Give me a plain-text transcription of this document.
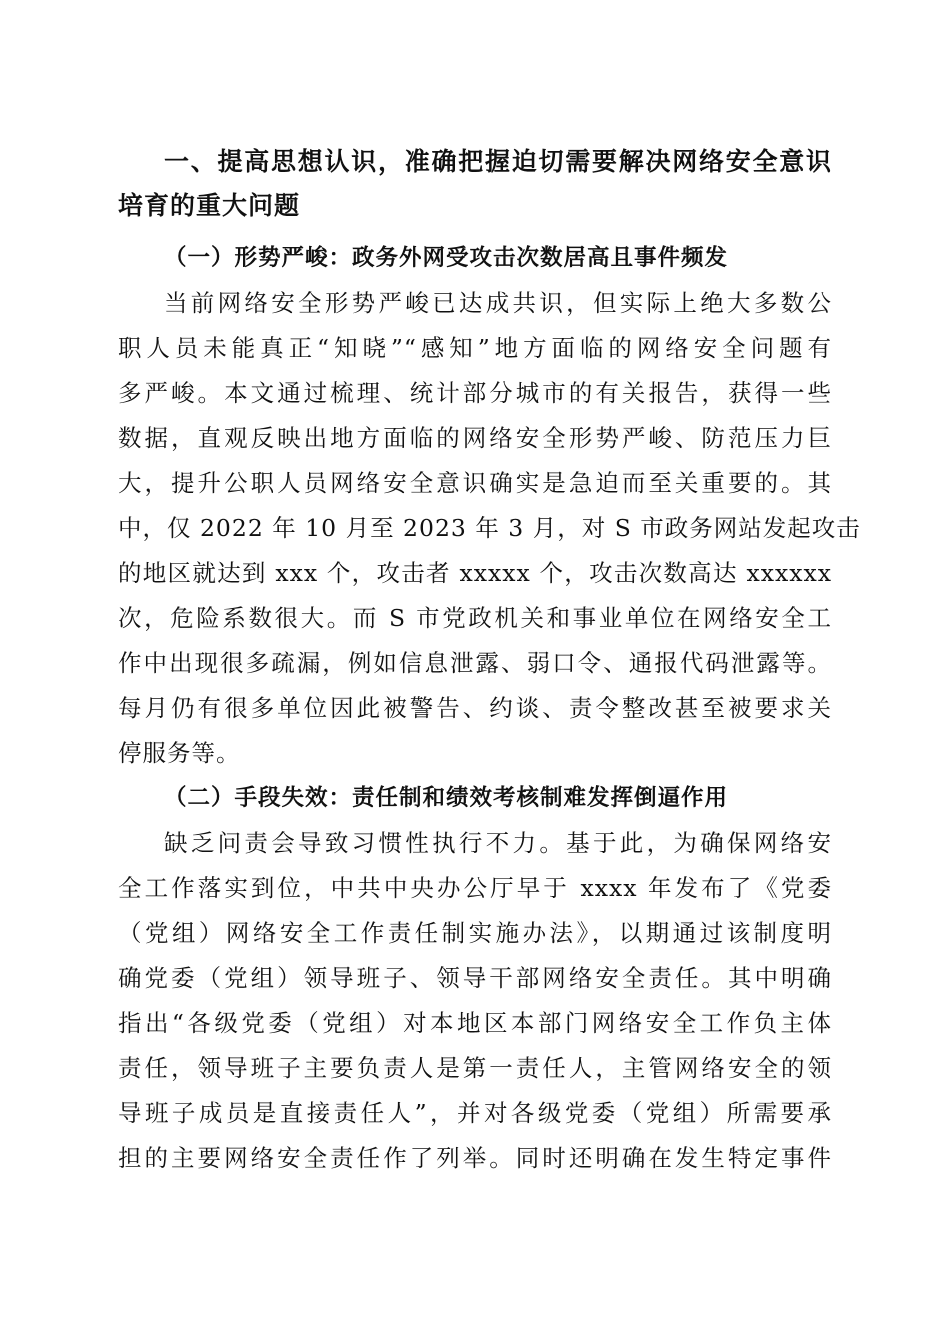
一、提高思想认识，准确把握迫切需要解决网络安全意识
培育的重大问题
（一）形势严峻：政务外网受攻击次数居高且事件频发
当前网络安全形势严峻已达成共识，但实际上绝大多数公
职人员未能真正“知晓”“感知”地方面临的网络安全问题有
多严峻。本文通过梳理、统计部分城市的有关报告，获得一些
数据，直观反映出地方面临的网络安全形势严峻、防范压力巨
大，提升公职人员网络安全意识确实是急迫而至关重要的。其
中，仅 2022 年 10 月至 2023 年 3 月，对 S 市政务网站发起攻击
的地区就达到 xxx 个，攻击者 xxxxx 个，攻击次数高达 xxxxxx
次，危险系数很大。而 S 市党政机关和事业单位在网络安全工
作中出现很多疏漏，例如信息泄露、弱口令、通报代码泄露等。
每月仍有很多单位因此被警告、约谈、责令整改甚至被要求关
停服务等。
（二）手段失效：责任制和绩效考核制难发挥倒逼作用
缺乏问责会导致习惯性执行不力。基于此，为确保网络安
全工作落实到位，中共中央办公厅早于 xxxx 年发布了《党委
（党组）网络安全工作责任制实施办法》，以期通过该制度明
确党委（党组）领导班子、领导干部网络安全责任。其中明确
指出“各级党委（党组）对本地区本部门网络安全工作负主体
责任，领导班子主要负责人是第一责任人，主管网络安全的领
导班子成员是直接责任人”，并对各级党委（党组）所需要承
担的主要网络安全责任作了列举。同时还明确在发生特定事件
